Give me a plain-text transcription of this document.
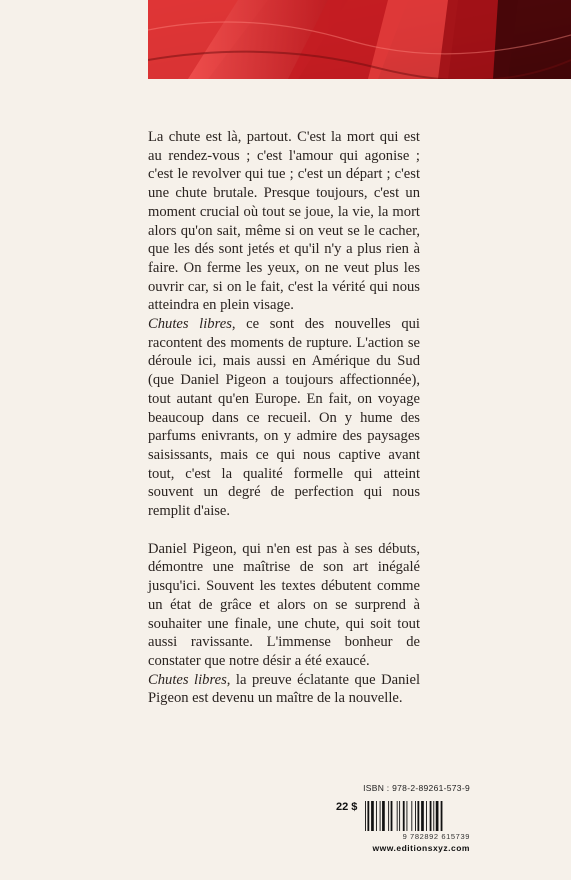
La chute est là, partout. C'est la mort qui est au rendez-vous ; c'est l'amour qui agonise ; c'est le revolver qui tue ; c'est un départ ; c'est une chute brutale. Presque toujours, c'est un moment crucial où tout se joue, la vie, la mort alors qu'on sait, même si on veut se le cacher, que les dés sont jetés et qu'il n'y a plus rien à faire. On ferme les yeux, on ne veut plus les ouvrir car, si on le fait, c'est la vérité qui nous atteindra en plein visage.

Chutes libres, ce sont des nouvelles qui racontent des moments de rupture. L'action se déroule ici, mais aussi en Amérique du Sud (que Daniel Pigeon a toujours affectionnée), tout autant qu'en Europe. En fait, on voyage beaucoup dans ce recueil. On y hume des parfums enivrants, on y admire des paysages saisissants, mais ce qui nous captive avant tout, c'est la qualité formelle qui atteint souvent un degré de perfection qui nous remplit d'aise.

Daniel Pigeon, qui n'en est pas à ses débuts, démontre une maîtrise de son art inégalé jusqu'ici. Souvent les textes débutent comme un état de grâce et alors on se surprend à souhaiter une finale, une chute, qui soit tout aussi ravissante. L'immense bonheur de constater que notre désir a été exaucé.
Chutes libres, la preuve éclatante que Daniel Pigeon est devenu un maître de la nouvelle.

ISBN : 978-2-89261-573-9
22 $
9 782892 615739
www.editionsxyz.com
